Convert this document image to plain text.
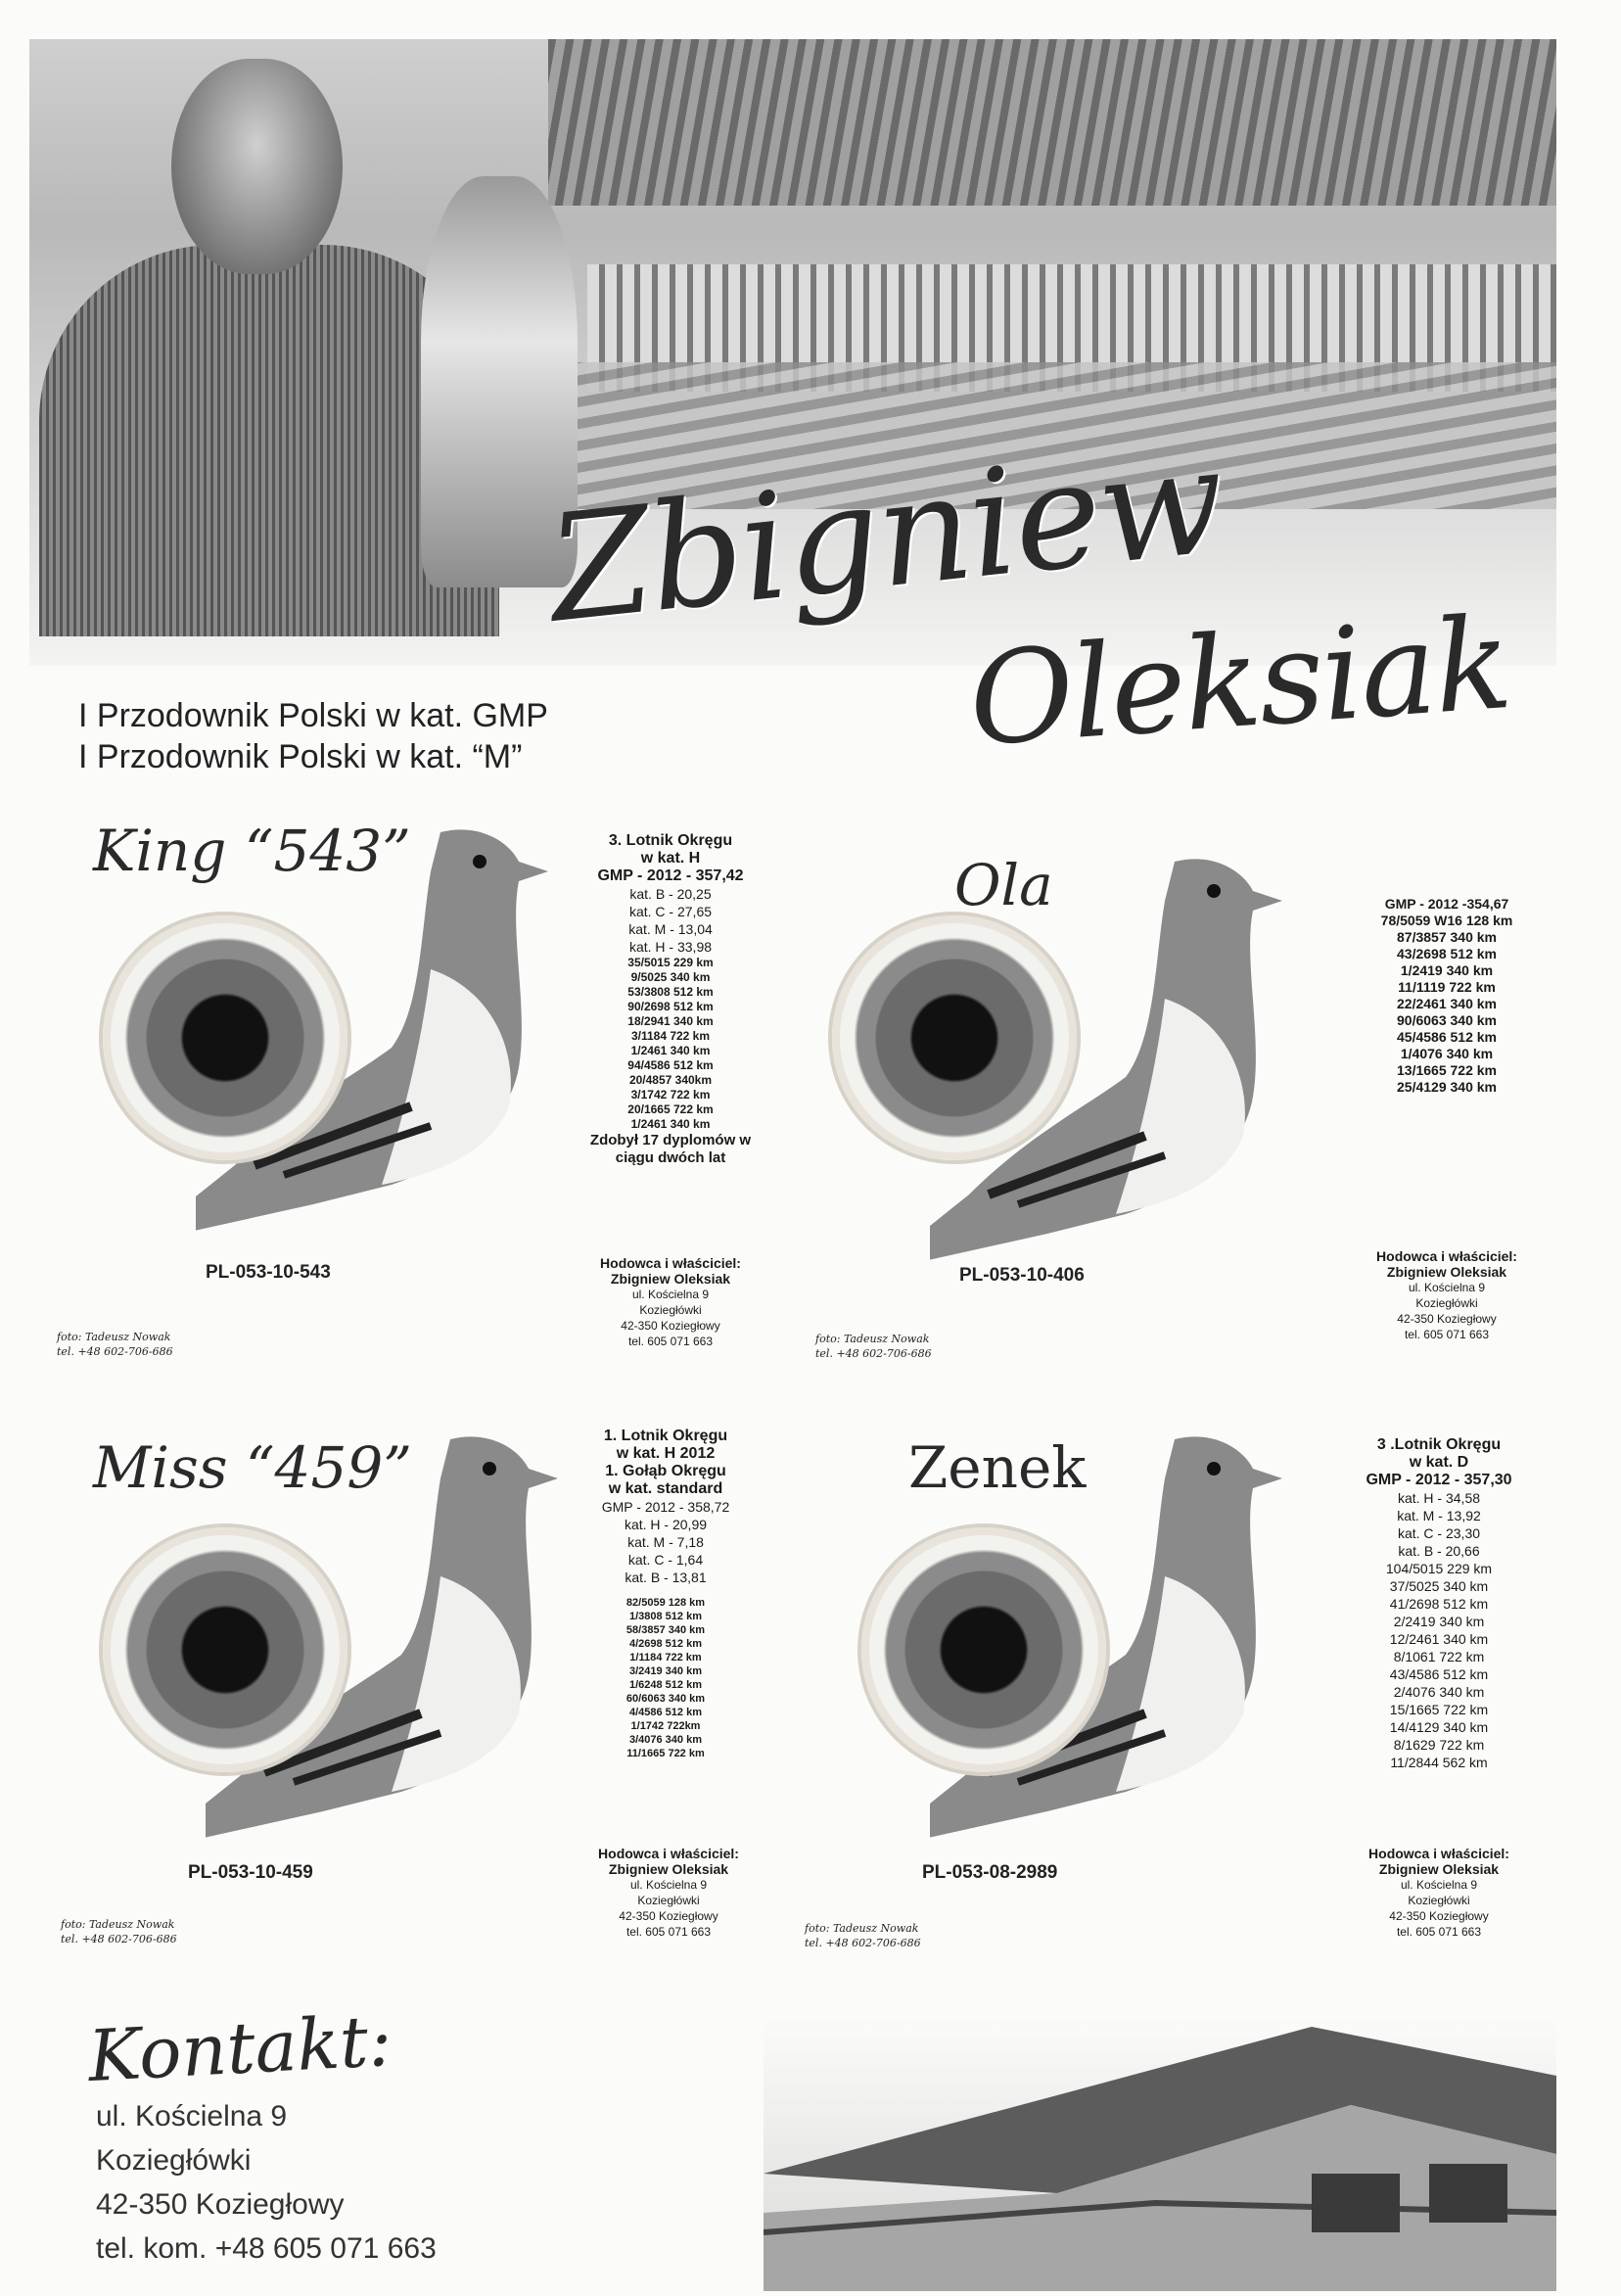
Zbigniew
Oleksiak
I Przodownik Polski w kat. GMP
I Przodownik Polski w kat. “M”
King “543”
PL-053-10-543
foto: Tadeusz Nowak
tel. +48 602-706-686
3. Lotnik Okręgu
w kat. H
GMP - 2012 - 357,42
kat. B - 20,25
kat. C - 27,65
kat. M - 13,04
kat. H - 33,98
35/5015 229 km
9/5025 340 km
53/3808 512 km
90/2698 512 km
18/2941 340 km
3/1184 722 km
1/2461 340 km
94/4586 512 km
20/4857 340km
3/1742 722 km
20/1665 722 km
1/2461 340 km
Zdobył 17 dyplomów w
ciągu dwóch lat
Hodowca i właściciel:
Zbigniew Oleksiak
ul. Kościelna 9
Koziegłówki
42-350 Koziegłowy
tel. 605 071 663
Ola
PL-053-10-406
foto: Tadeusz Nowak
tel. +48 602-706-686
GMP - 2012 -354,67
78/5059 W16 128 km
87/3857 340 km
43/2698 512 km
1/2419 340 km
11/1119 722 km
22/2461 340 km
90/6063 340 km
45/4586 512 km
1/4076 340 km
13/1665 722 km
25/4129 340 km
Hodowca i właściciel:
Zbigniew Oleksiak
ul. Kościelna 9
Koziegłówki
42-350 Koziegłowy
tel. 605 071 663
Miss “459”
PL-053-10-459
foto: Tadeusz Nowak
tel. +48 602-706-686
1. Lotnik Okręgu
w kat. H 2012
1. Gołąb Okręgu
w kat. standard
GMP - 2012 - 358,72
kat. H - 20,99
kat. M - 7,18
kat. C - 1,64
kat. B - 13,81
82/5059 128 km
1/3808 512 km
58/3857 340 km
4/2698 512 km
1/1184 722 km
3/2419 340 km
1/6248 512 km
60/6063 340 km
4/4586 512 km
1/1742 722km
3/4076 340 km
11/1665 722 km
Hodowca i właściciel:
Zbigniew Oleksiak
ul. Kościelna 9
Koziegłówki
42-350 Koziegłowy
tel. 605 071 663
Zenek
PL-053-08-2989
foto: Tadeusz Nowak
tel. +48 602-706-686
3 .Lotnik Okręgu
w kat. D
GMP - 2012 - 357,30
kat. H - 34,58
kat. M - 13,92
kat. C - 23,30
kat. B - 20,66
104/5015 229 km
37/5025 340 km
41/2698 512 km
2/2419 340 km
12/2461 340 km
8/1061 722 km
43/4586 512 km
2/4076 340 km
15/1665 722 km
14/4129 340 km
8/1629 722 km
11/2844 562 km
Hodowca i właściciel:
Zbigniew Oleksiak
ul. Kościelna 9
Koziegłówki
42-350 Koziegłowy
tel. 605 071 663
Kontakt:
ul. Kościelna 9
Koziegłówki
42-350 Koziegłowy
tel. kom. +48 605 071 663
